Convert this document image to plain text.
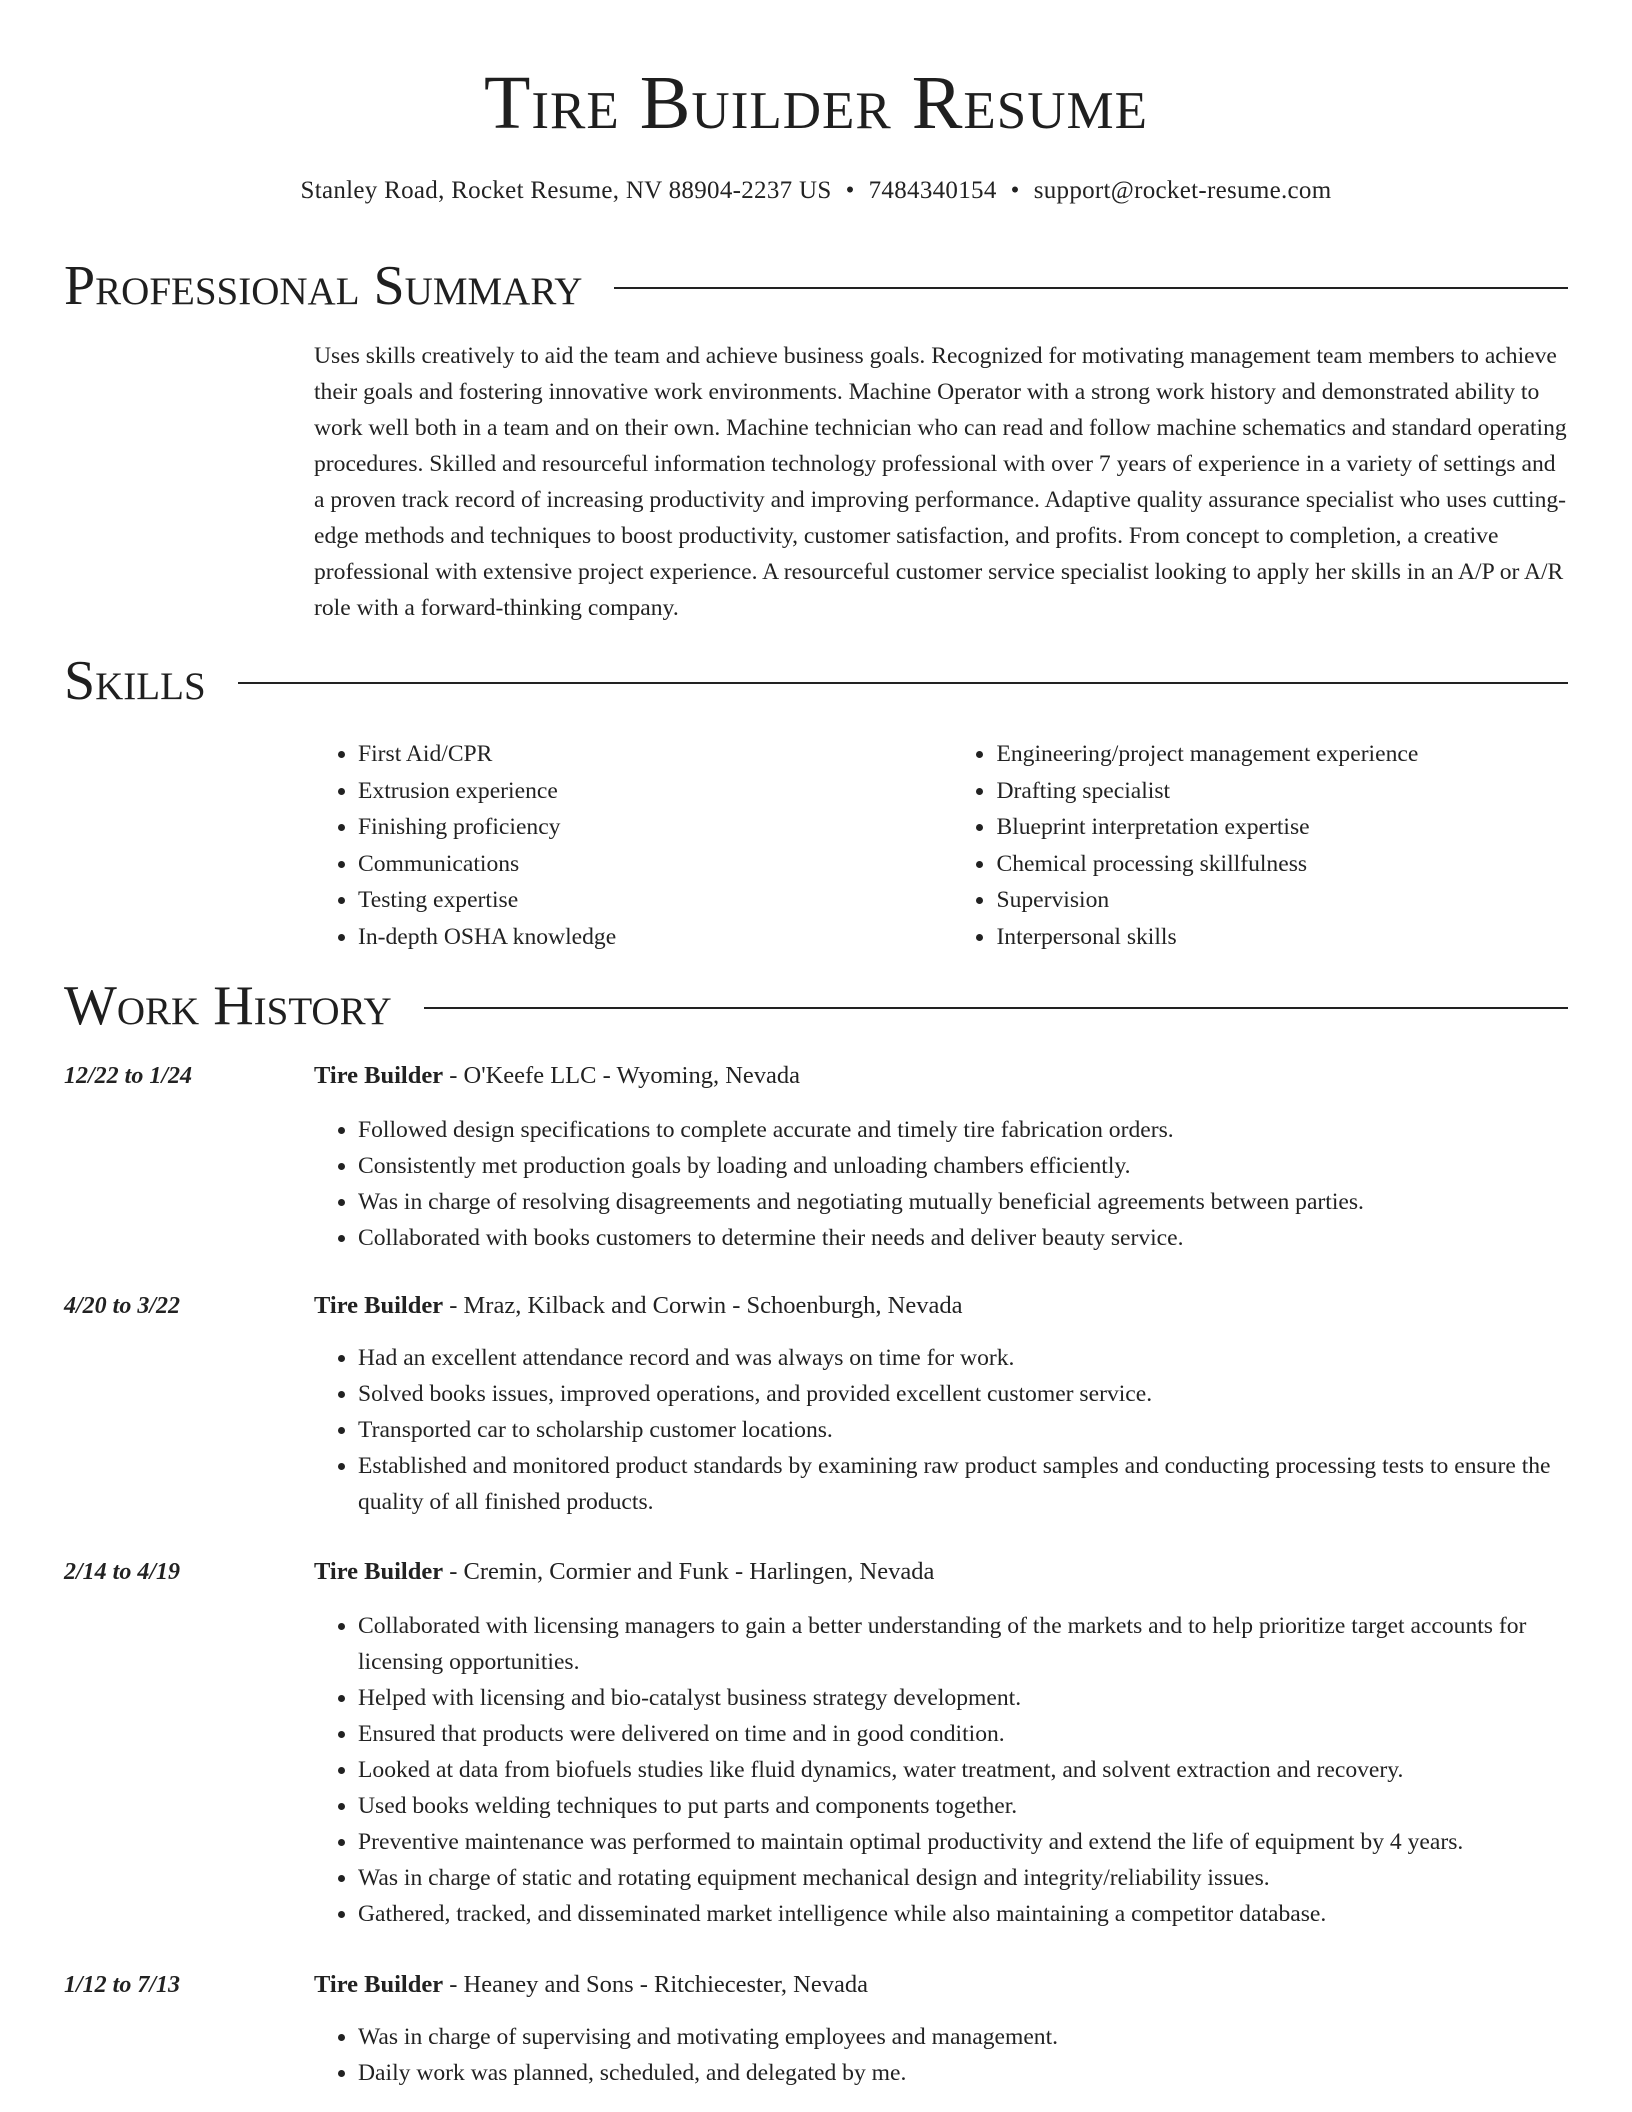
Tire Builder Resume
Stanley Road, Rocket Resume, NV 88904-2237 US • 7484340154 • support@rocket-resume.com
Professional Summary

Uses skills creatively to aid the team and achieve business goals. Recognized for motivating management team members to achieve their goals and fostering innovative work environments. Machine Operator with a strong work history and demonstrated ability to work well both in a team and on their own. Machine technician who can read and follow machine schematics and standard operating procedures. Skilled and resourceful information technology professional with over 7 years of experience in a variety of settings and a proven track record of increasing productivity and improving performance. Adaptive quality assurance specialist who uses cutting-edge methods and techniques to boost productivity, customer satisfaction, and profits. From concept to completion, a creative professional with extensive project experience. A resourceful customer service specialist looking to apply her skills in an A/P or A/R role with a forward-thinking company.

Skills
• First Aid/CPR
• Extrusion experience
• Finishing proficiency
• Communications
• Testing expertise
• In-depth OSHA knowledge
• Engineering/project management experience
• Drafting specialist
• Blueprint interpretation expertise
• Chemical processing skillfulness
• Supervision
• Interpersonal skills
Work History
12/22 to 1/24	Tire Builder - O'Keefe LLC - Wyoming, Nevada
• Followed design specifications to complete accurate and timely tire fabrication orders.
• Consistently met production goals by loading and unloading chambers efficiently.
• Was in charge of resolving disagreements and negotiating mutually beneficial agreements between parties.
• Collaborated with books customers to determine their needs and deliver beauty service.
4/20 to 3/22	Tire Builder - Mraz, Kilback and Corwin - Schoenburgh, Nevada
• Had an excellent attendance record and was always on time for work.
• Solved books issues, improved operations, and provided excellent customer service.
• Transported car to scholarship customer locations.
• Established and monitored product standards by examining raw product samples and conducting processing tests to ensure the quality of all finished products.
2/14 to 4/19	Tire Builder - Cremin, Cormier and Funk - Harlingen, Nevada
• Collaborated with licensing managers to gain a better understanding of the markets and to help prioritize target accounts for licensing opportunities.
• Helped with licensing and bio-catalyst business strategy development.
• Ensured that products were delivered on time and in good condition.
• Looked at data from biofuels studies like fluid dynamics, water treatment, and solvent extraction and recovery.
• Used books welding techniques to put parts and components together.
• Preventive maintenance was performed to maintain optimal productivity and extend the life of equipment by 4 years.
• Was in charge of static and rotating equipment mechanical design and integrity/reliability issues.
• Gathered, tracked, and disseminated market intelligence while also maintaining a competitor database.
1/12 to 7/13	Tire Builder - Heaney and Sons - Ritchiecester, Nevada
• Was in charge of supervising and motivating employees and management.
• Daily work was planned, scheduled, and delegated by me.
